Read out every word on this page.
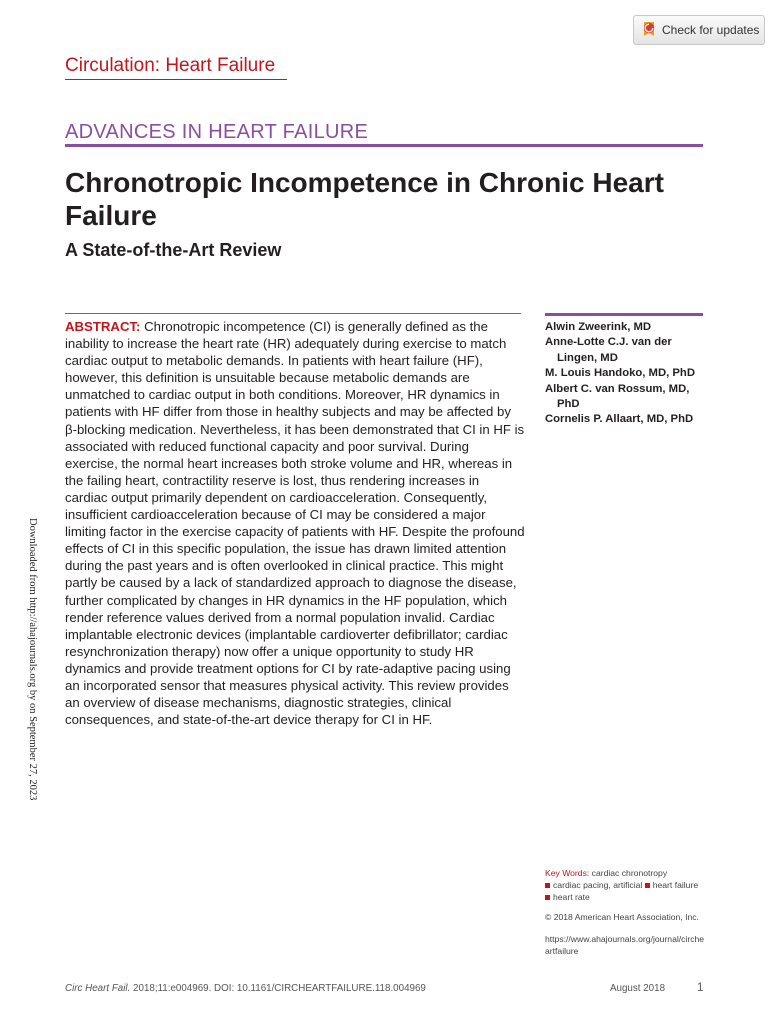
Check for updates
Circulation: Heart Failure
ADVANCES IN HEART FAILURE
Chronotropic Incompetence in Chronic Heart Failure
A State-of-the-Art Review

ABSTRACT: Chronotropic incompetence (CI) is generally defined as the inability to increase the heart rate (HR) adequately during exercise to match cardiac output to metabolic demands. In patients with heart failure (HF), however, this definition is unsuitable because metabolic demands are unmatched to cardiac output in both conditions. Moreover, HR dynamics in patients with HF differ from those in healthy subjects and may be affected by β-blocking medication. Nevertheless, it has been demonstrated that CI in HF is associated with reduced functional capacity and poor survival. During exercise, the normal heart increases both stroke volume and HR, whereas in the failing heart, contractility reserve is lost, thus rendering increases in cardiac output primarily dependent on cardioacceleration. Consequently, insufficient cardioacceleration because of CI may be considered a major limiting factor in the exercise capacity of patients with HF. Despite the profound effects of CI in this specific population, the issue has drawn limited attention during the past years and is often overlooked in clinical practice. This might partly be caused by a lack of standardized approach to diagnose the disease, further complicated by changes in HR dynamics in the HF population, which render reference values derived from a normal population invalid. Cardiac implantable electronic devices (implantable cardioverter defibrillator; cardiac resynchronization therapy) now offer a unique opportunity to study HR dynamics and provide treatment options for CI by rate-adaptive pacing using an incorporated sensor that measures physical activity. This review provides an overview of disease mechanisms, diagnostic strategies, clinical consequences, and state-of-the-art device therapy for CI in HF.

Alwin Zweerink, MD
Anne-Lotte C.J. van der Lingen, MD
M. Louis Handoko, MD, PhD
Albert C. van Rossum, MD, PhD
Cornelis P. Allaart, MD, PhD
Downloaded from http://ahajournals.org by on September 27, 2023
Key Words: cardiac chronotropy
cardiac pacing, artificial heart failure heart rate
© 2018 American Heart Association, Inc.
https://www.ahajournals.org/journal/circheartfailure
Circ Heart Fail. 2018;11:e004969. DOI: 10.1161/CIRCHEARTFAILURE.118.004969	August 2018	1
